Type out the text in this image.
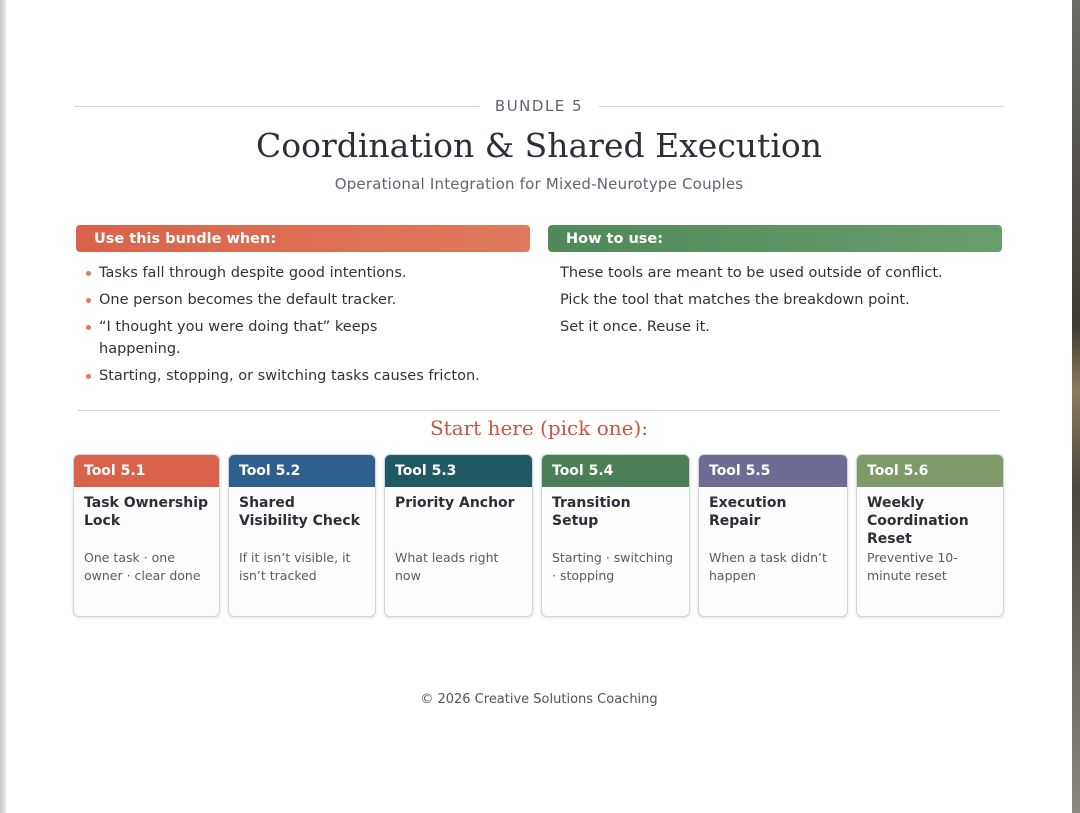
BUNDLE 5
Coordination & Shared Execution
Operational Integration for Mixed-Neurotype Couples
Use this bundle when:	How to use:
Tasks fall through despite good intentions.
One person becomes the default tracker.
“I thought you were doing that” keeps happening.
Starting, stopping, or switching tasks causes fricton.

These tools are meant to be used outside of conflict.

Pick the tool that matches the breakdown point.

Set it once. Reuse it.

Start here (pick one):
Tool 5.1
Task Ownership Lock
One task · one owner · clear done
Tool 5.2
Shared Visibility Check
If it isn’t visible, it isn’t tracked
Tool 5.3
Priority Anchor
What leads right now
Tool 5.4
Transition Setup
Starting · switching · stopping
Tool 5.5
Execution Repair
When a task didn’t happen
Tool 5.6
Weekly Coordination Reset
Preventive 10-minute reset
© 2026 Creative Solutions Coaching
